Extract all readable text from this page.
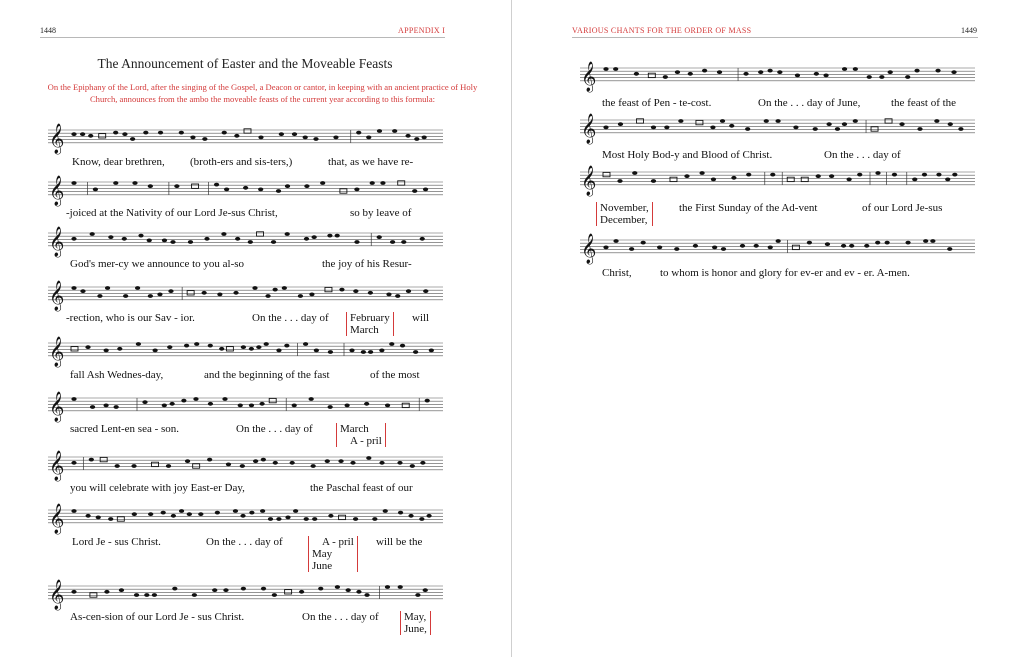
1448	APPENDIX I
The Announcement of Easter and the Moveable Feasts
On the Epiphany of the Lord, after the singing of the Gospel, a Deacon or cantor, in keeping with an ancient practice of Holy Church, announces from the ambo the moveable feasts of the current year according to this formula:
𝄞
Know, dear brethren, (broth-ers and sis-ters,)	that, as we have re-
𝄞
-joiced at the Nativity of our Lord Je-sus Christ,	so by leave of
𝄞
God's mer-cy we announce to you al-so	the joy of his Resur-
𝄞
-rection, who is our Sav - ior.	On the . . . day of February
March
will
𝄞
fall Ash Wednes-day,	and the beginning of the fast	of the most
𝄞
sacred Lent-en sea - son.	On the . . . day of March
A - pril
𝄞
you will celebrate with joy East-er Day,	the Paschal feast of our
𝄞
Lord Je - sus Christ.	On the . . . day of	A - pril
May
June
will be the
𝄞
As-cen-sion of our Lord Je - sus Christ.	On the . . . day of May,
June,
VARIOUS CHANTS FOR THE ORDER OF MASS	1449
𝄞
the feast of Pen - te-cost.	On the . . . day of June,	the feast of the
𝄞
Most Holy Bod-y and Blood of Christ.	On the . . . day of
𝄞
November,
December,
the First Sunday of the Ad-vent	of our Lord Je-sus
𝄞
Christ,	to whom is honor and glory for ev-er and ev - er. A-men.
